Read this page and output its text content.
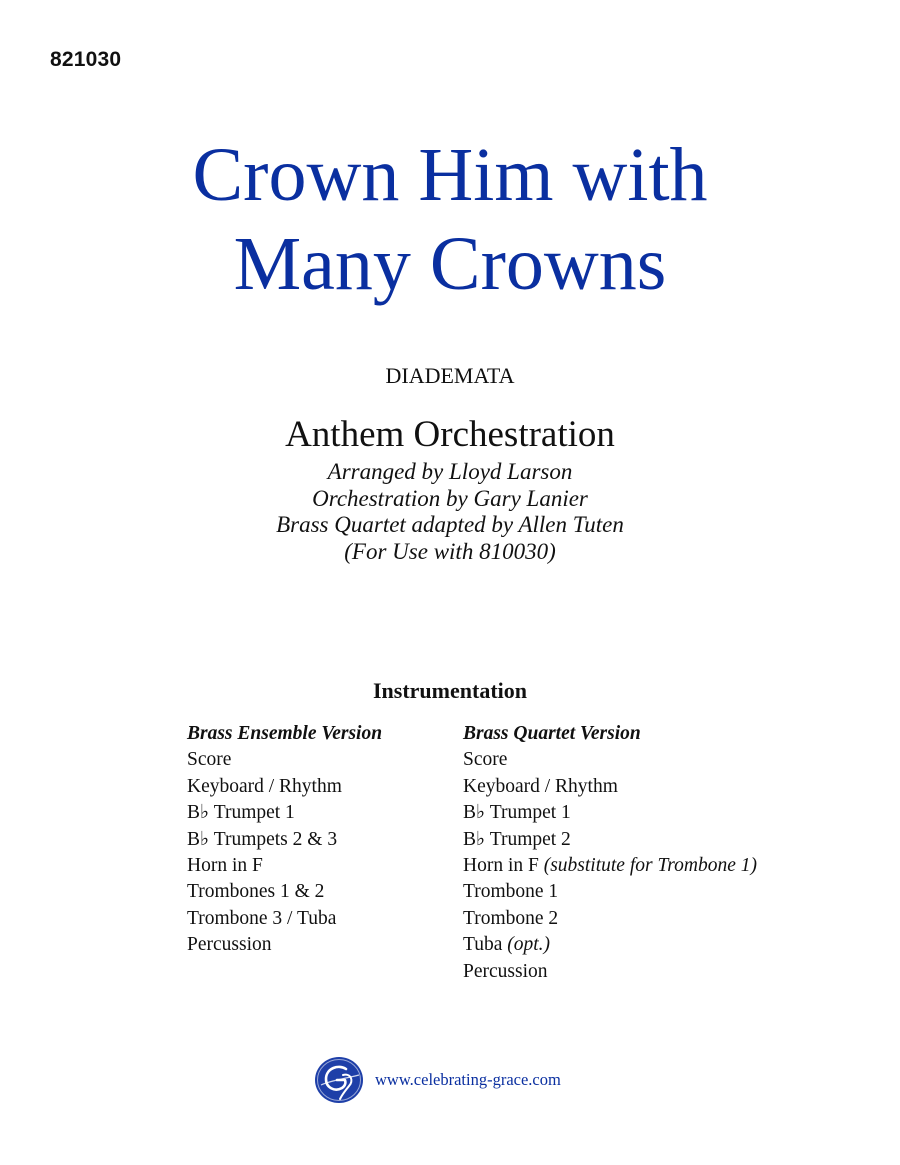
821030
Crown Him with
Many Crowns
DIADEMATA
Anthem Orchestration
Arranged by Lloyd Larson
Orchestration by Gary Lanier
Brass Quartet adapted by Allen Tuten
(For Use with 810030)
Instrumentation
Brass Ensemble Version
Score
Keyboard / Rhythm
B♭ Trumpet 1
B♭ Trumpets 2 & 3
Horn in F
Trombones 1 & 2
Trombone 3 / Tuba
Percussion
Brass Quartet Version
Score
Keyboard / Rhythm
B♭ Trumpet 1
B♭ Trumpet 2
Horn in F (substitute for Trombone 1)
Trombone 1
Trombone 2
Tuba (opt.)
Percussion
www.celebrating-grace.com
